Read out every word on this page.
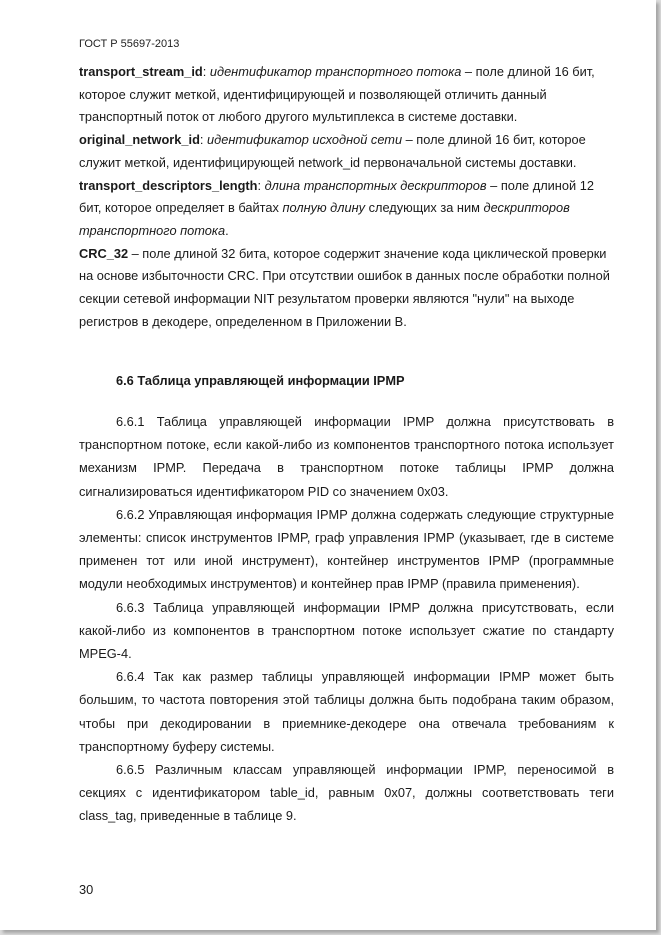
ГОСТ Р 55697-2013

transport_stream_id: идентификатор транспортного потока – поле длиной 16 бит, которое служит меткой, идентифицирующей и позволяющей отличить данный транспортный поток от любого другого мультиплекса в системе доставки.

original_network_id: идентификатор исходной сети – поле длиной 16 бит, которое служит меткой, идентифицирующей network_id первоначальной системы доставки.

transport_descriptors_length: длина транспортных дескрипторов – поле длиной 12 бит, которое определяет в байтах полную длину следующих за ним дескрипторов транспортного потока.

CRC_32 – поле длиной 32 бита, которое содержит значение кода циклической проверки на основе избыточности CRC. При отсутствии ошибок в данных после обработки полной секции сетевой информации NIT результатом проверки являются "нули" на выходе регистров в декодере, определенном в Приложении В.

6.6 Таблица управляющей информации IPMP

6.6.1 Таблица управляющей информации IPMP должна присутствовать в транспортном потоке, если какой-либо из компонентов транспортного потока использует механизм IPMP. Передача в транспортном потоке таблицы IPMP должна сигнализироваться идентификатором PID со значением 0x03.

6.6.2 Управляющая информация IPMP должна содержать следующие структурные элементы: список инструментов IPMP, граф управления IPMP (указывает, где в системе применен тот или иной инструмент), контейнер инструментов IPMP (программные модули необходимых инструментов) и контейнер прав IPMP (правила применения).

6.6.3 Таблица управляющей информации IPMP должна присутствовать, если какой-либо из компонентов в транспортном потоке использует сжатие по стандарту MPEG-4.

6.6.4 Так как размер таблицы управляющей информации IPMP может быть большим, то частота повторения этой таблицы должна быть подобрана таким образом, чтобы при декодировании в приемнике-декодере она отвечала требованиям к транспортному буферу системы.

6.6.5 Различным классам управляющей информации IPMP, переносимой в секциях с идентификатором table_id, равным 0x07, должны соответствовать теги class_tag, приведенные в таблице 9.

30
